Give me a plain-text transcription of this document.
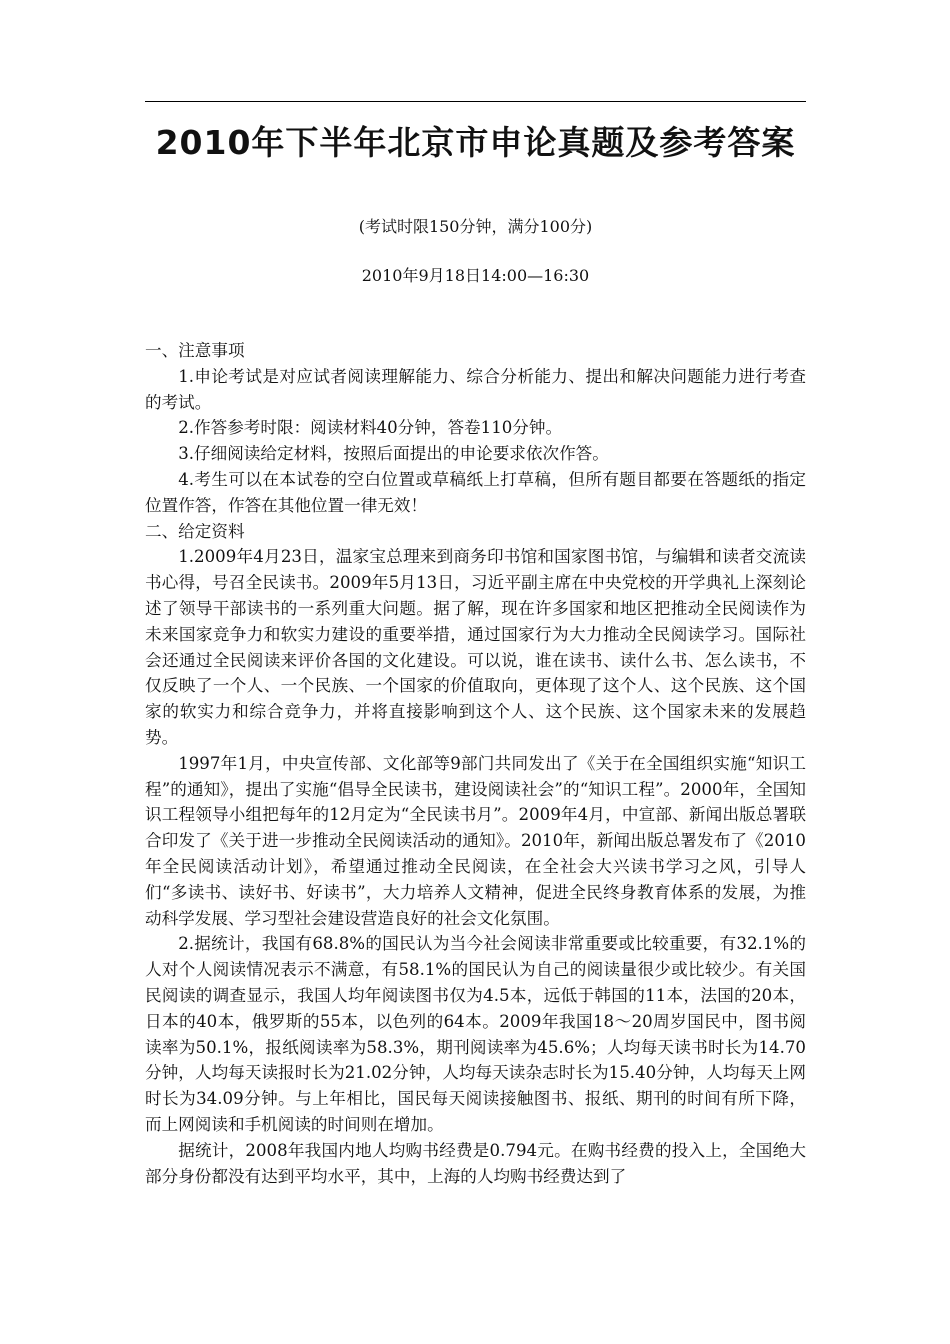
2010年下半年北京市申论真题及参考答案
(考试时限150分钟，满分100分)
2010年9月18日14:00—16:30

一、注意事项

1.申论考试是对应试者阅读理解能力、综合分析能力、提出和解决问题能力进行考查的考试。

2.作答参考时限：阅读材料40分钟，答卷110分钟。

3.仔细阅读给定材料，按照后面提出的申论要求依次作答。

4.考生可以在本试卷的空白位置或草稿纸上打草稿，但所有题目都要在答题纸的指定位置作答，作答在其他位置一律无效！

二、给定资料

1.2009年4月23日，温家宝总理来到商务印书馆和国家图书馆，与编辑和读者交流读书心得，号召全民读书。2009年5月13日，习近平副主席在中央党校的开学典礼上深刻论述了领导干部读书的一系列重大问题。据了解，现在许多国家和地区把推动全民阅读作为未来国家竞争力和软实力建设的重要举措，通过国家行为大力推动全民阅读学习。国际社会还通过全民阅读来评价各国的文化建设。可以说，谁在读书、读什么书、怎么读书，不仅反映了一个人、一个民族、一个国家的价值取向，更体现了这个人、这个民族、这个国家的软实力和综合竞争力，并将直接影响到这个人、这个民族、这个国家未来的发展趋势。

1997年1月，中央宣传部、文化部等9部门共同发出了《关于在全国组织实施“知识工程”的通知》，提出了实施“倡导全民读书，建设阅读社会”的“知识工程”。2000年，全国知识工程领导小组把每年的12月定为“全民读书月”。2009年4月，中宣部、新闻出版总署联合印发了《关于进一步推动全民阅读活动的通知》。2010年，新闻出版总署发布了《2010年全民阅读活动计划》，希望通过推动全民阅读，在全社会大兴读书学习之风，引导人们“多读书、读好书、好读书”，大力培养人文精神，促进全民终身教育体系的发展，为推动科学发展、学习型社会建设营造良好的社会文化氛围。

2.据统计，我国有68.8%的国民认为当今社会阅读非常重要或比较重要，有32.1%的人对个人阅读情况表示不满意，有58.1%的国民认为自己的阅读量很少或比较少。有关国民阅读的调查显示，我国人均年阅读图书仅为4.5本，远低于韩国的11本，法国的20本，日本的40本，俄罗斯的55本，以色列的64本。2009年我国18～20周岁国民中，图书阅读率为50.1%，报纸阅读率为58.3%，期刊阅读率为45.6%；人均每天读书时长为14.70分钟，人均每天读报时长为21.02分钟，人均每天读杂志时长为15.40分钟，人均每天上网时长为34.09分钟。与上年相比，国民每天阅读接触图书、报纸、期刊的时间有所下降，而上网阅读和手机阅读的时间则在增加。

据统计，2008年我国内地人均购书经费是0.794元。在购书经费的投入上，全国绝大部分身份都没有达到平均水平，其中，上海的人均购书经费达到了
